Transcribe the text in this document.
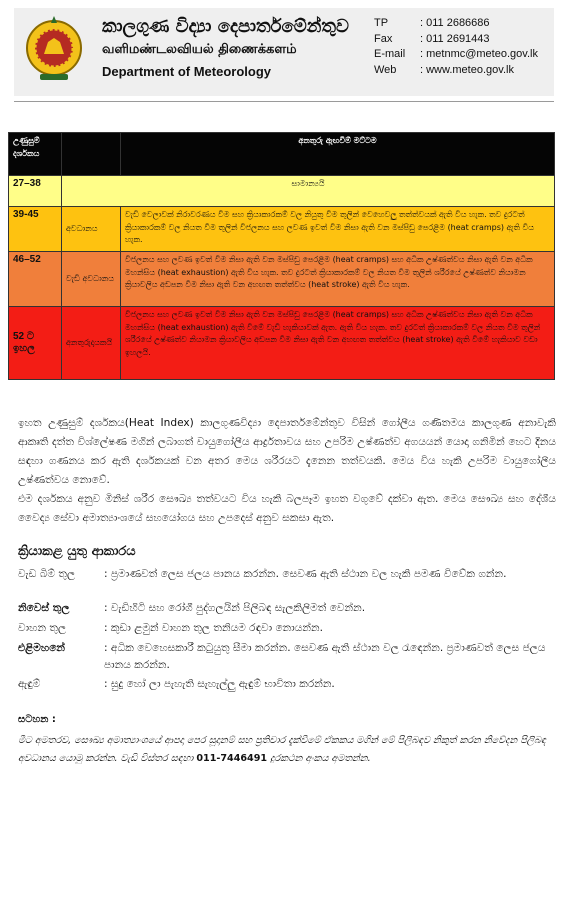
කාලගුණ විද්‍යා දෙපාර්තමේන්තුව
வளிமண்டலவியல் திணைக்களம்
Department of Meteorology
TP	: 011 2686686
Fax	: 011 2691443
E-mail : metnmc@meteo.gov.lk
Web : www.meteo.gov.lk
උණුසුම් දර්ශකය		අනතුරු ඇඟවීම් මට්ටම
27–38	සාමාන්‍යයි	
39-45	අවධානය	වැඩි වෙලාවක් නිරාවරණය වීම සහ ක්‍රියාකාරකම් වල නියුතු වීම තුලින් වෙහෙවලු තත්ත්වයක් ඇති විය හැක. තව දුරටත් ක්‍රියාකාරකම් වල නියත වීම තුලින් විජලනය සහ ලවණ ඉවත් වීම නිසා ඇති වන මස්පිඩු පෙරළීම (heat cramps) ඇති විය හැක.
46–52	වැඩි අවධානය	විජලනය සහ ලවණ ඉවත් වීම නිසා ඇති වන මස්පිඩු පෙරළීම (heat cramps) සහ අධික උෂ්ණත්වය නිසා ඇති වන අධික මහන්සිය (heat exhaustion) ඇති විය හැක. තව දුරටත් ක්‍රියාකාරකම් වල නියත වීම තුලින් ශරීරයේ උෂ්ණත්ව නියාමන ක්‍රියාවලිය අඩපන වීම නිසා ඇති වන අහඟත තත්ත්වය (heat stroke) ඇති විය හැක.
52 ට ඉහල	අනතුරුදායකයි	විජලනය සහ ලවණ ඉවත් වීම නිසා ඇති වන මස්පිඩු පෙරළීම (heat cramps) සහ අධික උෂ්ණත්වය නිසා ඇති වන අධික මහන්සිය (heat exhaustion) ඇති වීමේ වැඩි හැකියාවක් ඇත. ඇති විය හැක. තව දුරටත් ක්‍රියාකාරකම් වල නියත වීම තුලින් ශරීරයේ උෂ්ණත්ව නියාමන ක්‍රියාවලිය අඩපන වීම නිසා ඇති වන අහඟත තත්ත්වය (heat stroke) ඇති වීමේ හැකියාව වඩා ඉහලයි.
ඉහත උණුසුම් දර්ශකය(Heat Index) කාලගුණවිද්‍යා දෙපාර්තමේන්තුව විසින් ගෝලීය ගණිතමය කාලගුණ අනාවැකි ආකෘති දත්ත විශ්ලේෂණ මගින් ලබාගත් වායුගෝලීය ආර්ද්‍රතාවය සහ උපරිම උෂ්ණත්ව අගයයන් යොදා ගනිමින් හෙට දිනය සඳහා ගණනය කර ඇති දර්ශකයක් වන අතර මෙය ශරීරයට දැනෙන තත්වයකි. මෙය විය හැකි උපරිම වායුගෝලීය උෂ්ණත්වය නොවේ.
එම දර්ශකය අනුව මිනිස් ශරීර සෞඛ්‍ය තත්වයට විය හැකි බලපෑම ඉහත වගුවේ දක්වා ඇත. මෙය සෞඛ්‍ය සහ දේශීය වෛද්‍ය සේවා අමාත්‍යාංශයේ සහයෝගය සහ උපදෙස් අනුව සකසා ඇත.
ක්‍රියාකළ යුතු ආකාරය
වැඩ බිම් තුල	: ප්‍රමාණවත් ලෙස ජලය පානය කරන්න. සෙවණ ඇති ස්ථාන වල හැකි පමණ විවේක ගන්න.
නිවෙස් තුල	: වැඩිහිටි සහ රෝගී පුද්ගලයින් පිලිබඳ සැලකිලිමත් වෙන්න.
වාහන තුල	: කුඩා ළමුන් වාහන තුල තනියම රඳවා නොයන්න.
එළිමහනේ	: අධික වෙහෙසකාරී කටුයුතු සීමා කරන්න. සෙවණ ඇති ස්ථාන වල රැඳෙන්න. ප්‍රමාණවත් ලෙස ජලය පානය කරන්න.
ඇඳුම්	: සුදු හෝ ලා පැහැති සැහැල්ලු ඇඳුම් භාවිතා කරන්න.
සටහන :
මීට අමතරව, සෞඛ්‍ය අමාත්‍යාංශයේ ආපදා පෙර සූදානම් සහ ප්‍රතිචාර දැක්වීමේ ඒකකය මගින් මේ පිලිබඳව නිකුත් කරන නිවේදන පිලිබඳ අවධානය යොමු කරන්න. වැඩි විස්තර සඳහා 011-7446491 දුරකථන අංකය අමතන්න.
